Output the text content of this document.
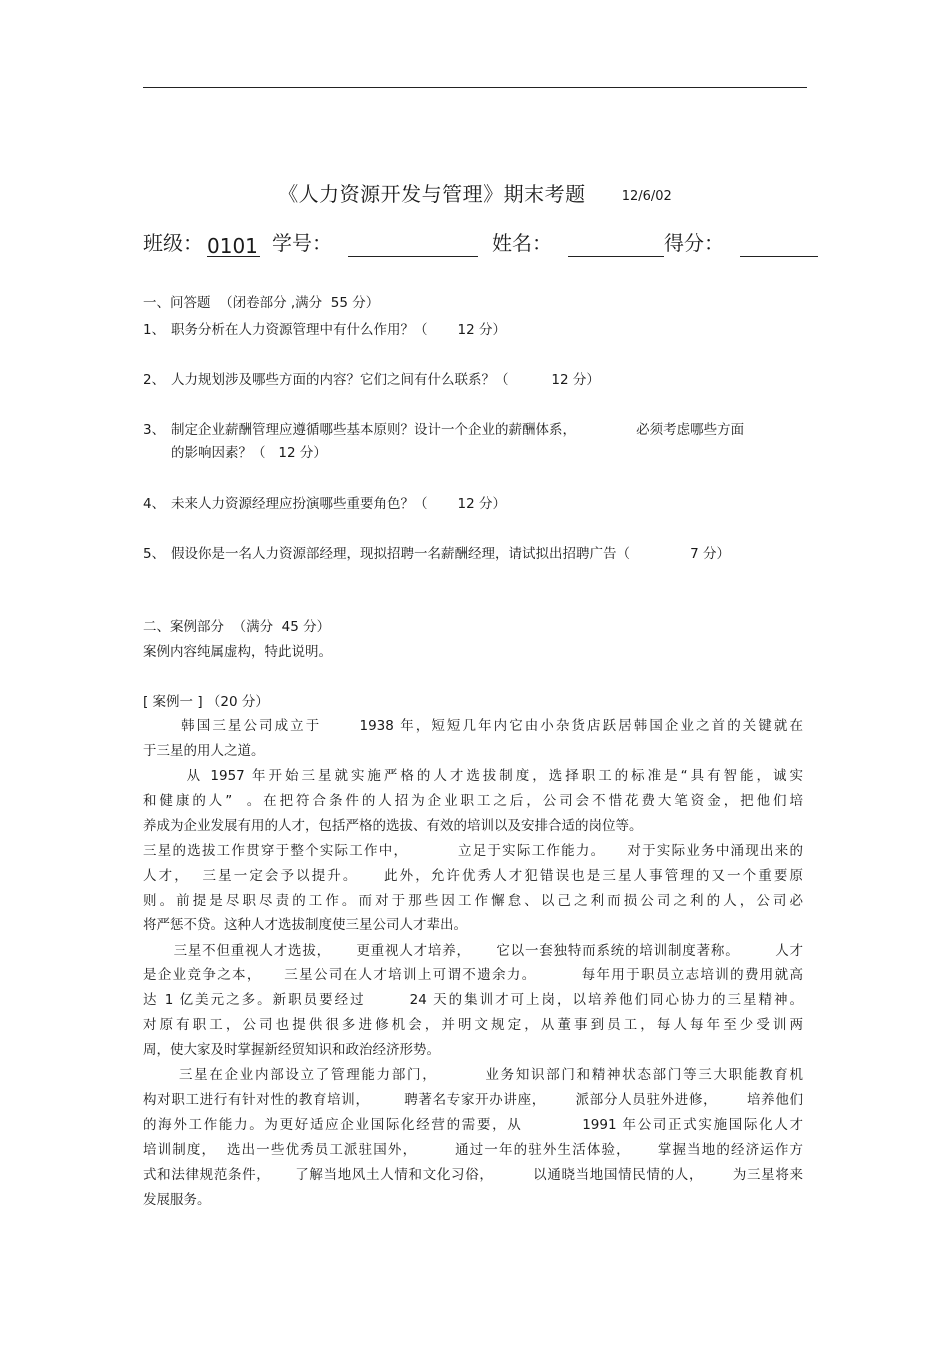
《人力资源开发与管理》期末考题	12/6/02
班级： 0101 学号：	姓名：	得分：
一、问答题  （闭卷部分 ,满分  55 分）
1、 职务分析在人力资源管理中有什么作用？（       12 分）
2、 人力规划涉及哪些方面的内容？它们之间有什么联系？（          12 分）
3、 制定企业薪酬管理应遵循哪些基本原则？设计一个企业的薪酬体系，              必须考虑哪些方面
的影响因素？（   12 分）
4、 未来人力资源经理应扮演哪些重要角色？（       12 分）
5、 假设你是一名人力资源部经理，现拟招聘一名薪酬经理，请试拟出招聘广告（              7 分）
二、案例部分  （满分  45 分）
案例内容纯属虚构，特此说明。
[ 案例一 ] （20 分）
韩国三星公司成立于      1938 年，短短几年内它由小杂货店跃居韩国企业之首的关键就在
于三星的用人之道。
从 1957 年开始三星就实施严格的人才选拔制度，选择职工的标准是“具有智能，诚实
和健康的人”  。在把符合条件的人招为企业职工之后，公司会不惜花费大笔资金，把他们培
养成为企业发展有用的人才，包括严格的选拔、有效的培训以及安排合适的岗位等。
三星的选拔工作贯穿于整个实际工作中，         立足于实际工作能力。    对于实际业务中涌现出来的
人才，  三星一定会予以提升。    此外，允许优秀人才犯错误也是三星人事管理的又一个重要原
则。前提是尽职尽责的工作。而对于那些因工作懈怠、以己之利而损公司之利的人，公司必
将严惩不贷。这种人才选拔制度使三星公司人才辈出。
三星不但重视人才选拔，     更重视人才培养，     它以一套独特而系统的培训制度著称。       人才
是企业竞争之本，    三星公司在人才培训上可谓不遗余力。        每年用于职员立志培训的费用就高
达 1 亿美元之多。新职员要经过       24 天的集训才可上岗，以培养他们同心协力的三星精神。
对原有职工，公司也提供很多进修机会，并明文规定，从董事到员工，每人每年至少受训两
周，使大家及时掌握新经贸知识和政治经济形势。
三星在企业内部设立了管理能力部门，        业务知识部门和精神状态部门等三大职能教育机
构对职工进行有针对性的教育培训，       聘著名专家开办讲座，      派部分人员驻外进修，      培养他们
的海外工作能力。为更好适应企业国际化经营的需要，从          1991 年公司正式实施国际化人才
培训制度，  选出一些优秀员工派驻国外，       通过一年的驻外生活体验，     掌握当地的经济运作方
式和法律规范条件，     了解当地风土人情和文化习俗，        以通晓当地国情民情的人，      为三星将来
发展服务。
